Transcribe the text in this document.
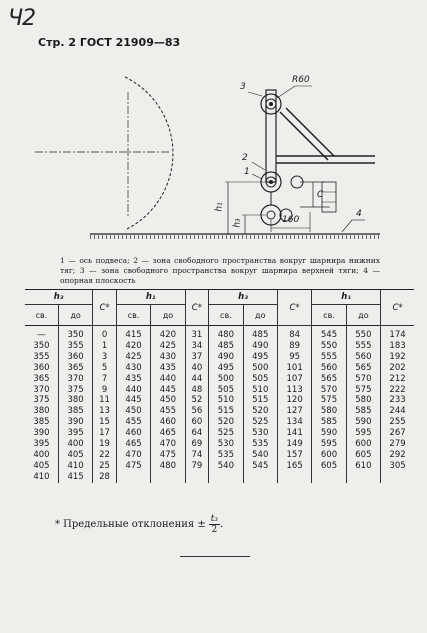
Ч2
Стр. 2 ГОСТ 21909—83
R60
3
2
1
C
h₁
h₃	160
4
1 — ось подвеса; 2 — зона свободного пространства вокруг шарнира нижних тяг; 3 — зона свободного пространства вокруг шарнира верхней тяги; 4 — опорная плоскость
h₃		C*	h₁		C*	h₃		C*	h₁		C*
св.	до		св.	до		св.	до		св.	до	
—	350	0	415	420	31	480	485	84	545	550	174
350	355	1	420	425	34	485	490	89	550	555	183
355	360	3	425	430	37	490	495	95	555	560	192
360	365	5	430	435	40	495	500	101	560	565	202
365	370	7	435	440	44	500	505	107	565	570	212
370	375	9	440	445	48	505	510	113	570	575	222
375	380	11	445	450	52	510	515	120	575	580	233
380	385	13	450	455	56	515	520	127	580	585	244
385	390	15	455	460	60	520	525	134	585	590	255
390	395	17	460	465	64	525	530	141	590	595	267
395	400	19	465	470	69	530	535	149	595	600	279
400	405	22	470	475	74	535	540	157	600	605	292
405	410	25	475	480	79	540	545	165	605	610	305
410	415	28									
* Предельные отклонения ± $\frac{\text{t₃}}{2}$ .
